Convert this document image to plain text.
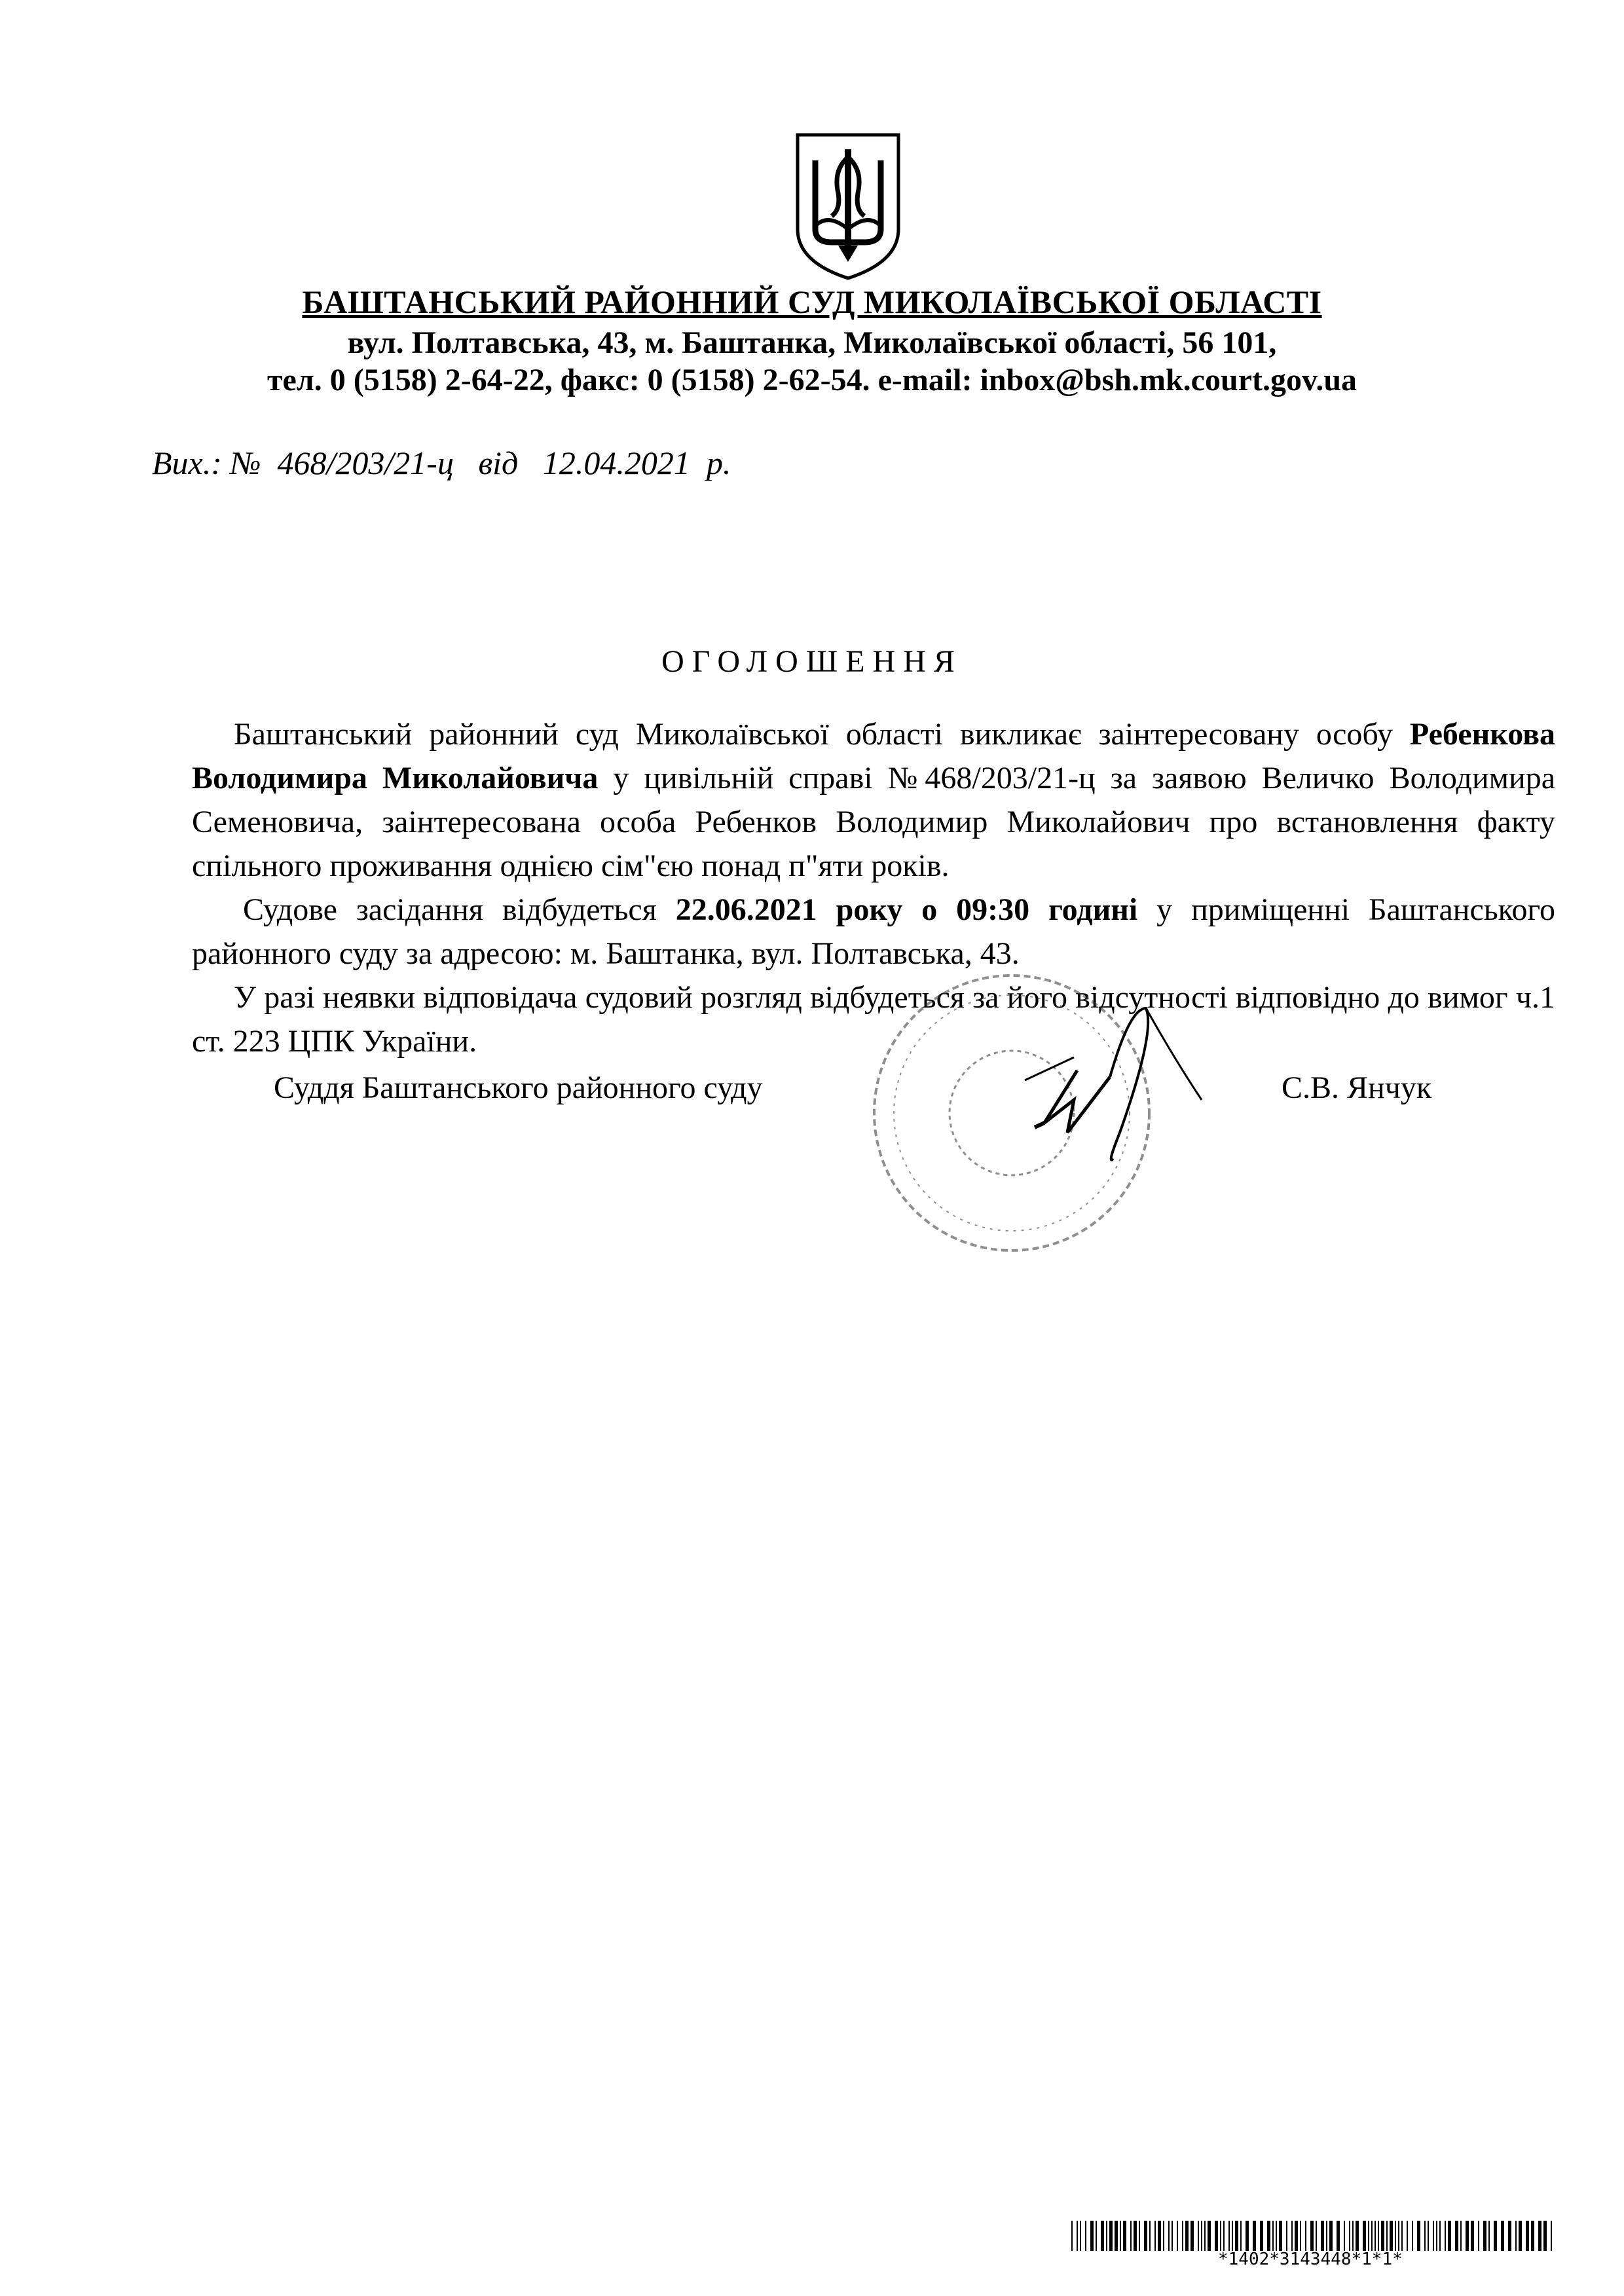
БАШТАНСЬКИЙ РАЙОННИЙ СУД МИКОЛАЇВСЬКОЇ ОБЛАСТІ
вул. Полтавська, 43, м. Баштанка, Миколаївської області, 56 101,
тел. 0 (5158) 2-64-22, факс: 0 (5158) 2-62-54. e-mail: inbox@bsh.mk.court.gov.ua
Вих.: №  468/203/21-ц   від   12.04.2021  р.
ОГОЛОШЕННЯ

Баштанський районний суд Миколаївської області викликає заінтересовану особу Ребенкова Володимира Миколайовича у цивільній справі №468/203/21-ц за заявою Величко Володимира Семеновича, заінтересована особа Ребенков Володимир Миколайович про встановлення факту спільного проживання однією сім"єю понад п"яти років.

Судове засідання відбудеться 22.06.2021 року о 09:30 годині у приміщенні Баштанського районного суду за адресою: м. Баштанка, вул. Полтавська, 43.

У разі неявки відповідача судовий розгляд відбудеться за його відсутності відповідно до вимог ч.1 ст. 223 ЦПК України.

Суддя Баштанського районного суду	С.В. Янчук
*1402*3143448*1*1*
